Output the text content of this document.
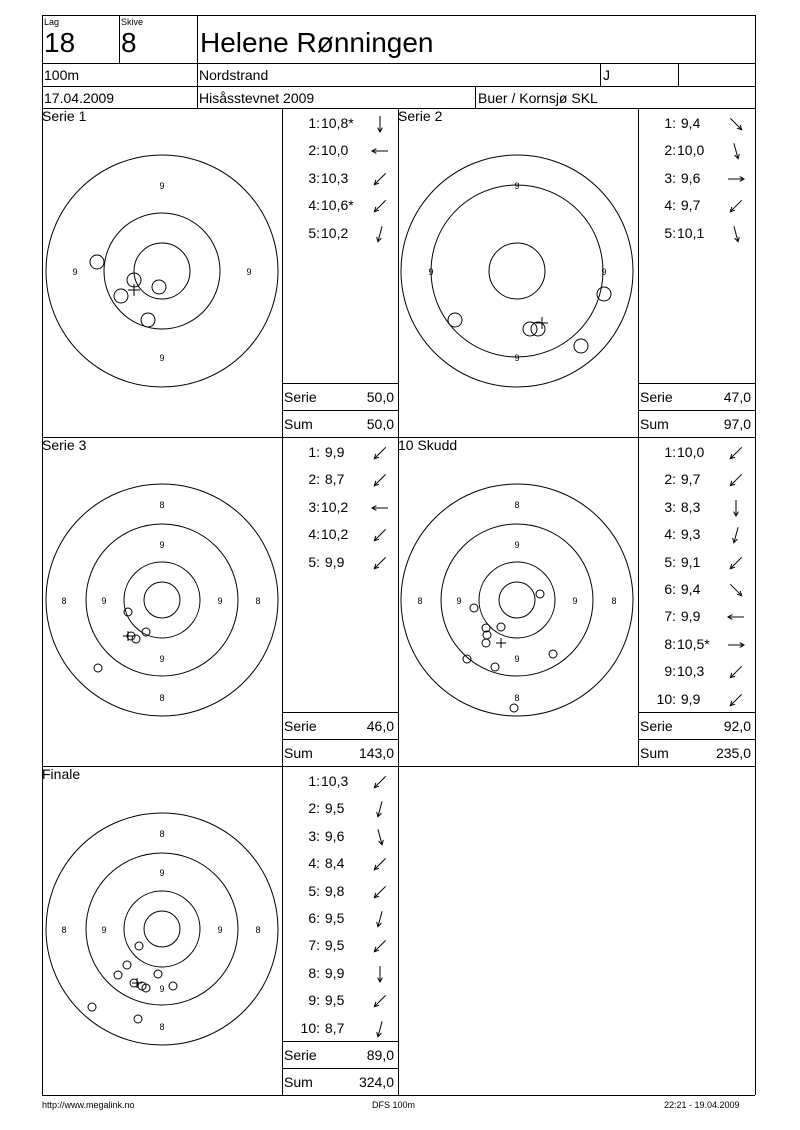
Lag
18
Skive
8 Helene Rønningen
100m	Nordstrand	J
17.04.2009	Hisåsstevnet 2009	Buer / Kornsjø SKL
Serie 1
9
9
9	9
1: 10,8*
2: 10,0
3: 10,3
4: 10,6*
5: 10,2
Serie	50,0
Sum	50,0
Serie 2
9
9
9	9
1: 9,4
2: 10,0
3: 9,6
4: 9,7
5: 10,1
Serie	47,0
Sum	97,0
Serie 3
8
9
9
8
8	9	9	8
1: 9,9
2: 8,7
3: 10,2
4: 10,2
5: 9,9
Serie	46,0
Sum	143,0
10 Skudd
8
9
9
8
8	9	9	8
1: 10,0
2: 9,7
3: 8,3
4: 9,3
5: 9,1
6: 9,4
7: 9,9
8: 10,5*
9: 10,3
10: 9,9
Serie	92,0
Sum	235,0
Finale
8
9
9
8
8	9	9	8
1: 10,3
2: 9,5
3: 9,6
4: 8,4
5: 9,8
6: 9,5
7: 9,5
8: 9,9
9: 9,5
10: 8,7
Serie	89,0
Sum	324,0
http://www.megalink.no	DFS 100m	22:21 - 19.04.2009
